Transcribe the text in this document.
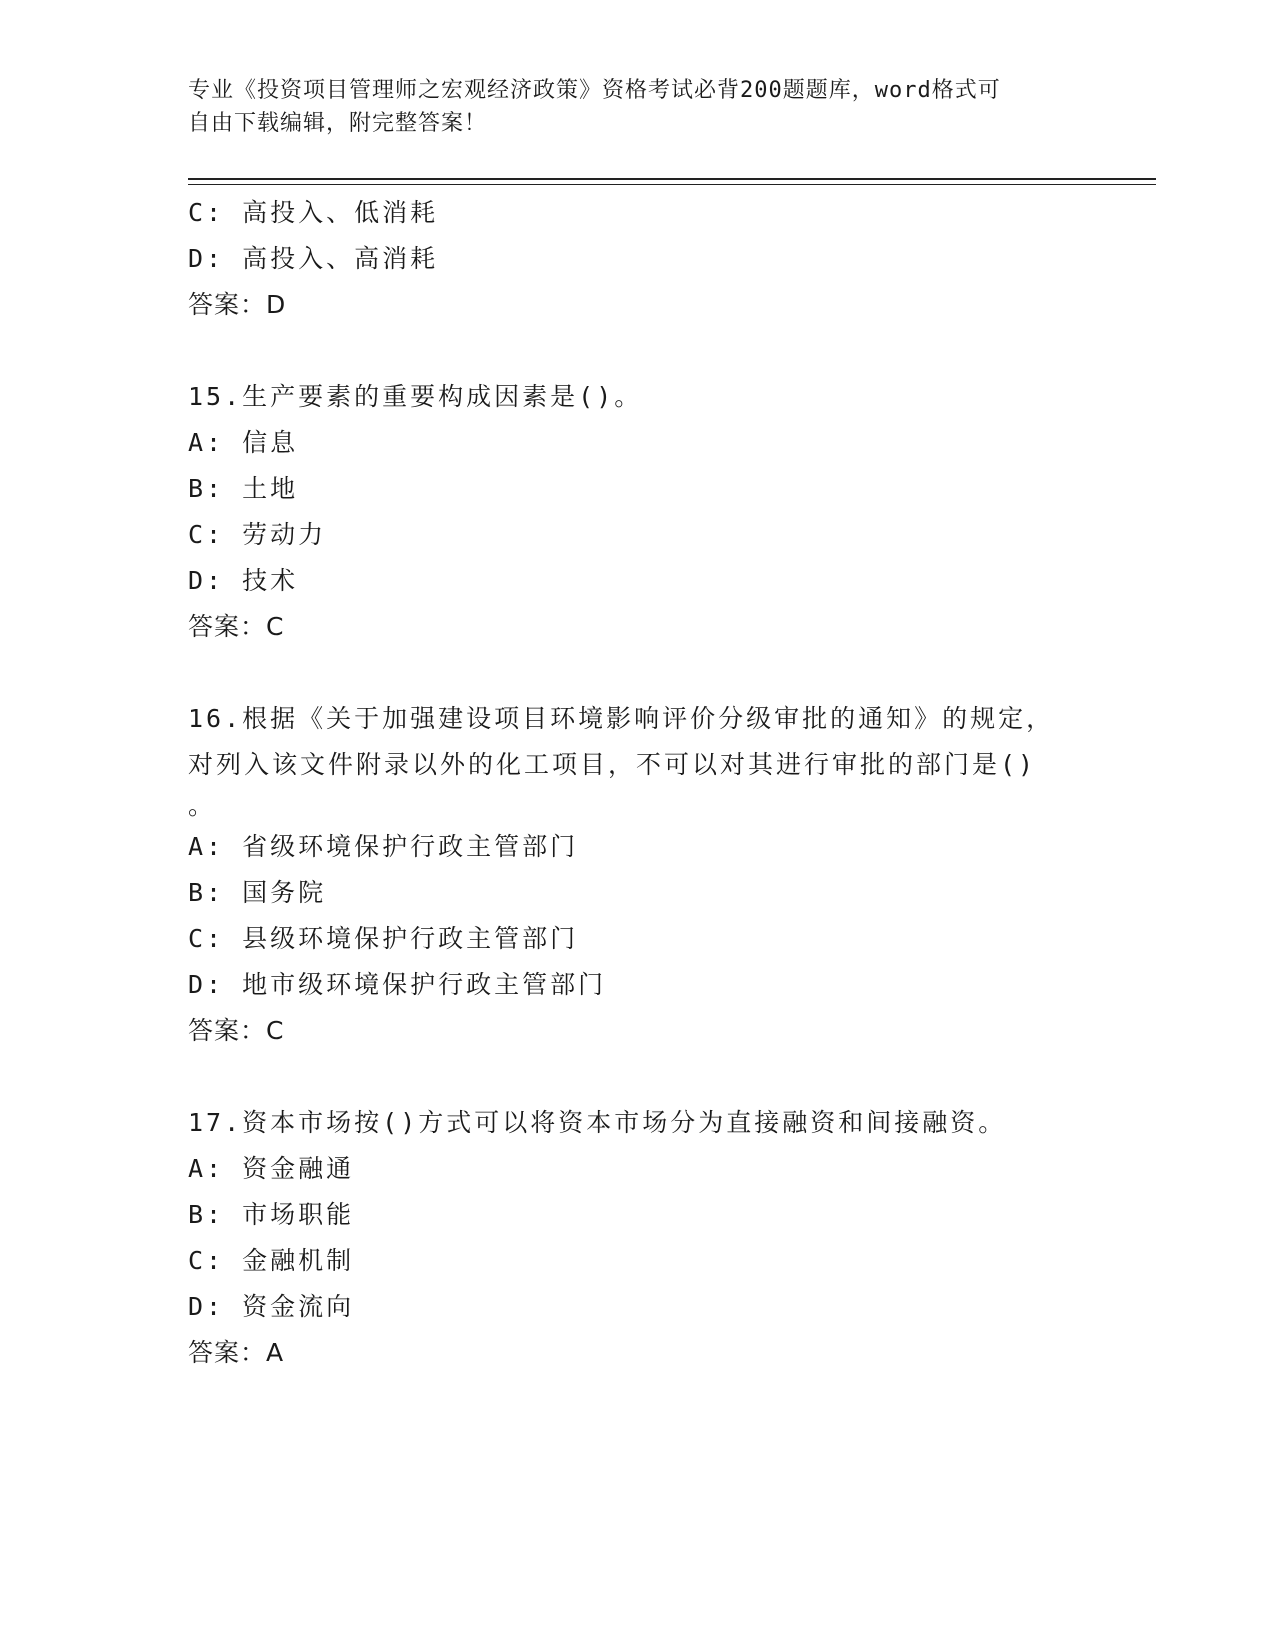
专业《投资项目管理师之宏观经济政策》资格考试必背200题题库，word格式可
自由下载编辑，附完整答案！
C: 高投入、低消耗
D: 高投入、高消耗
答案：D
15.生产要素的重要构成因素是()。
A: 信息
B: 土地
C: 劳动力
D: 技术
答案：C
16.根据《关于加强建设项目环境影响评价分级审批的通知》的规定，
对列入该文件附录以外的化工项目，不可以对其进行审批的部门是()
。
A: 省级环境保护行政主管部门
B: 国务院
C: 县级环境保护行政主管部门
D: 地市级环境保护行政主管部门
答案：C
17.资本市场按()方式可以将资本市场分为直接融资和间接融资。
A: 资金融通
B: 市场职能
C: 金融机制
D: 资金流向
答案：A
